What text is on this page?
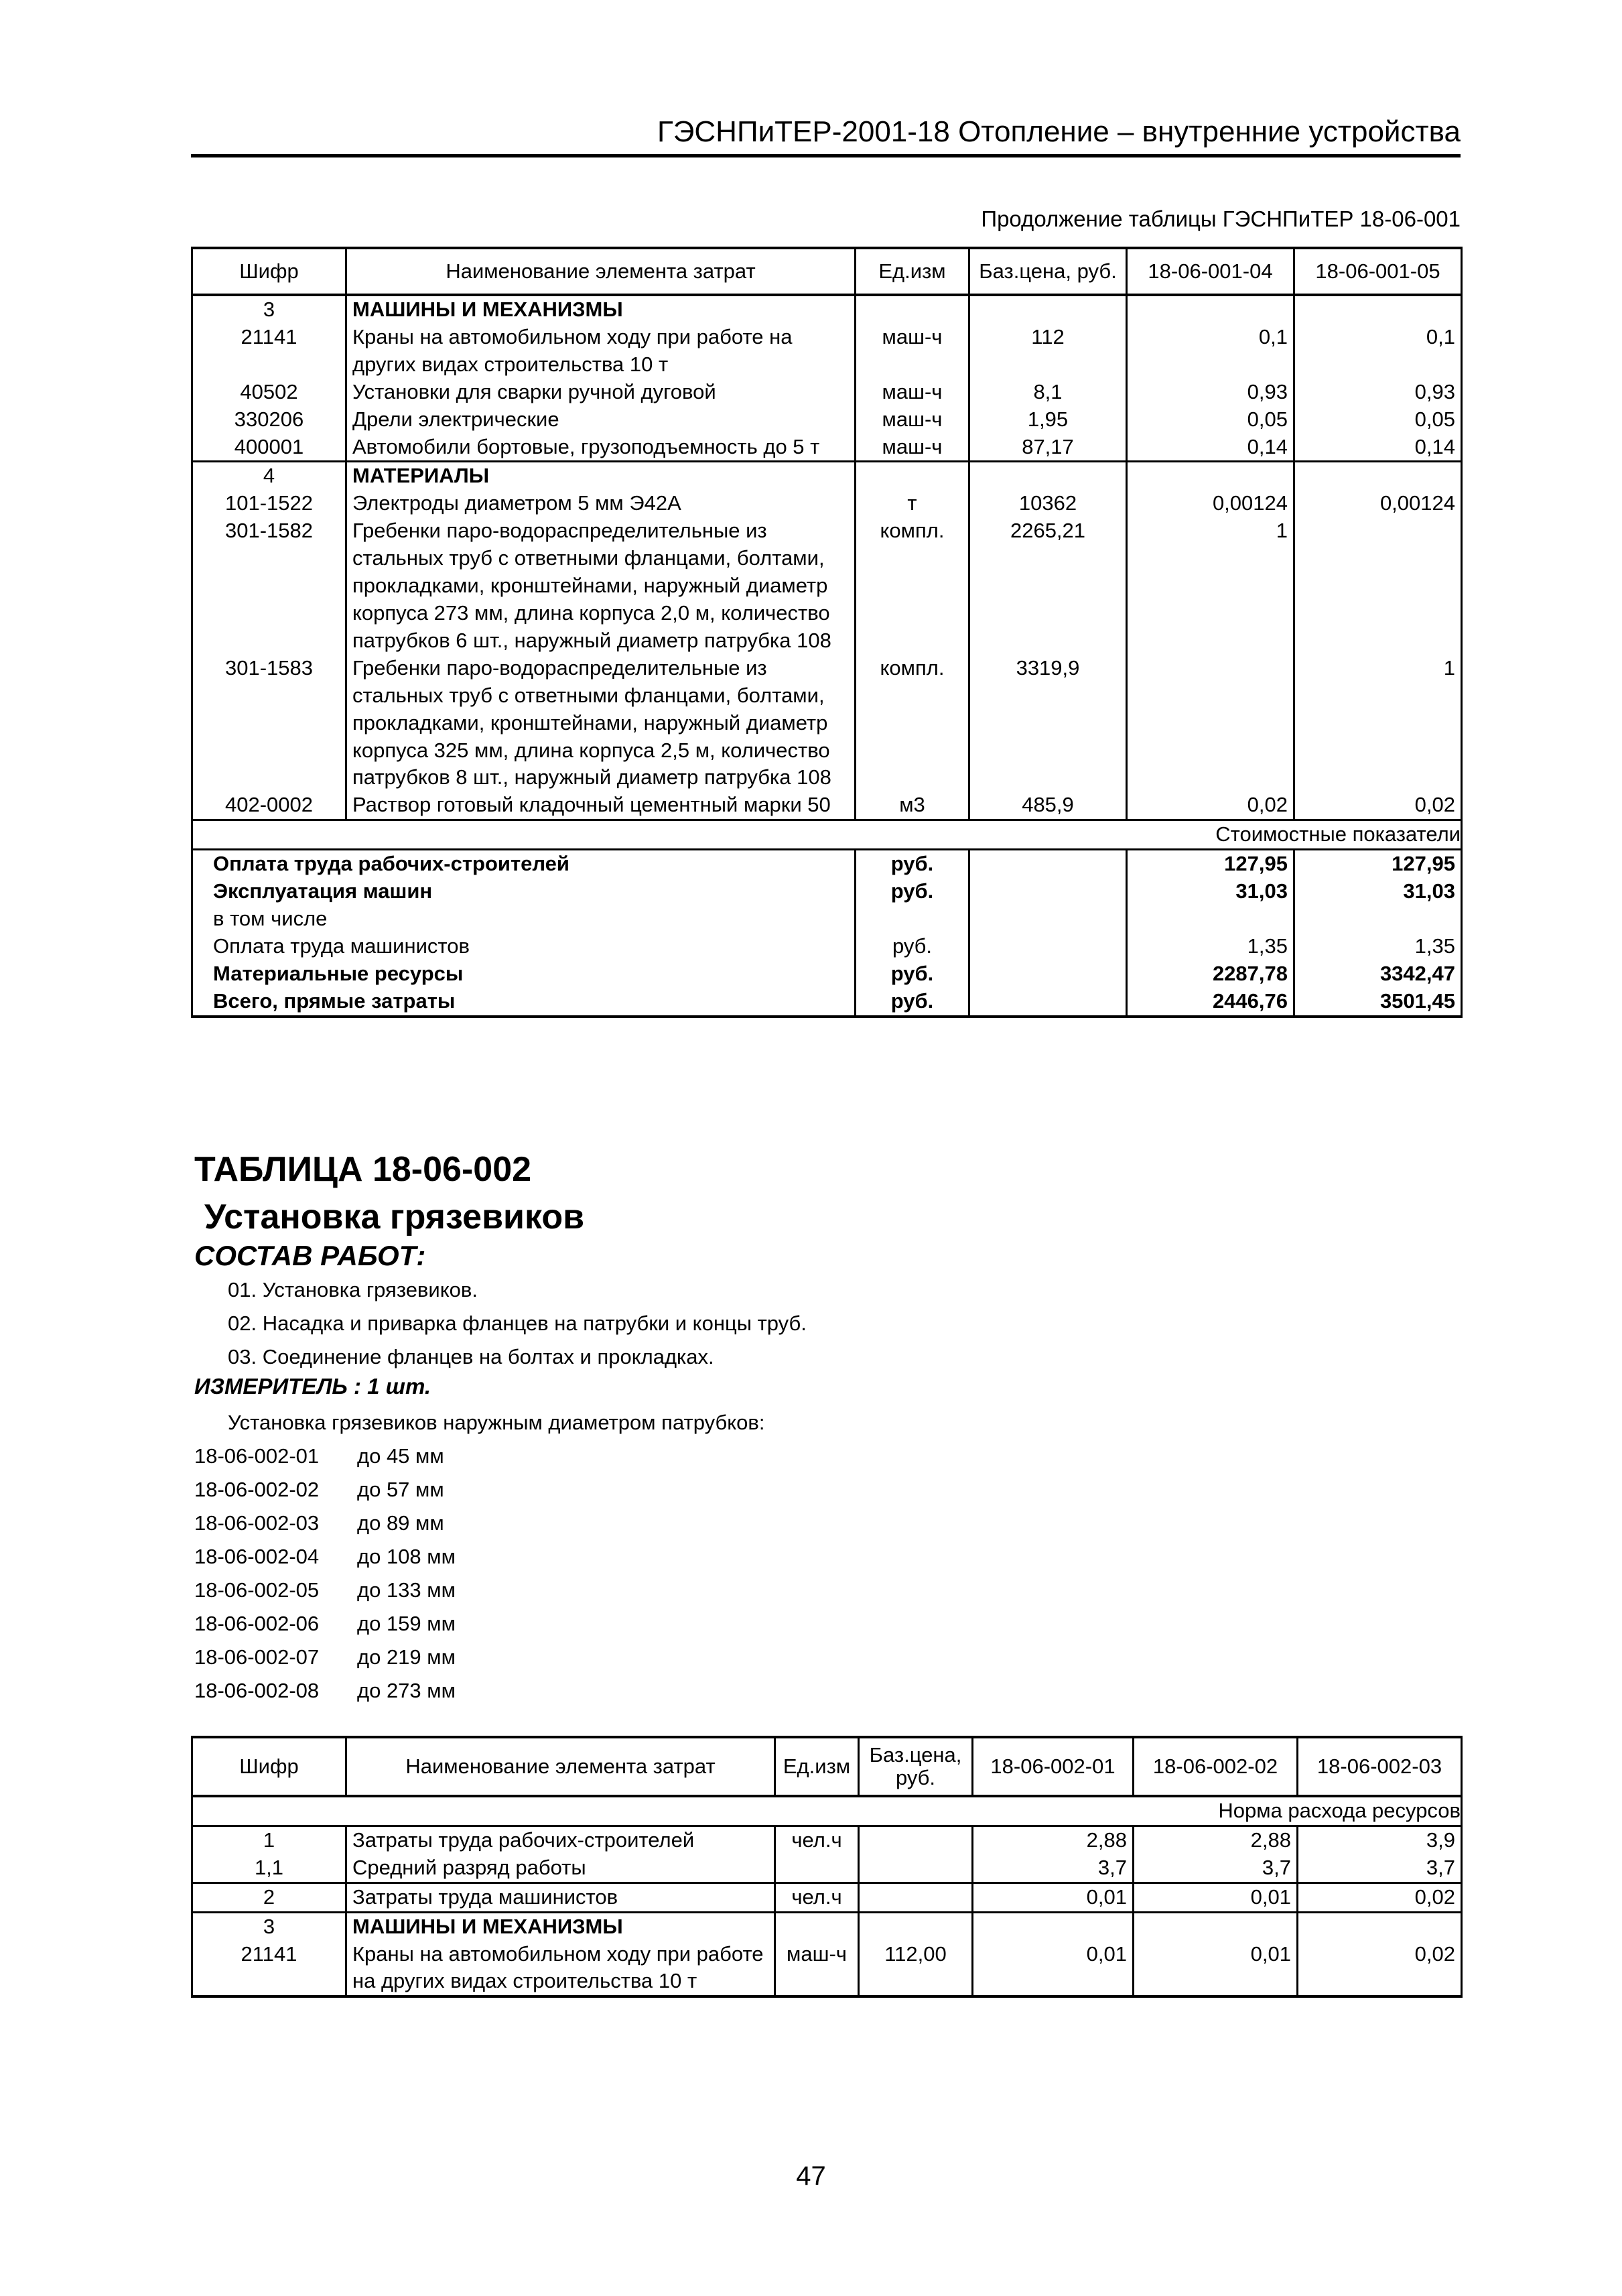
ГЭСНПиТЕР-2001-18 Отопление – внутренние устройства
Продолжение таблицы ГЭСНПиТЕР 18-06-001
Шифр	Наименование элемента затрат	Ед.изм	Баз.цена, руб.	18-06-001-04	18-06-001-05
3	МАШИНЫ И МЕХАНИЗМЫ				
21141	Краны на автомобильном ходу при работе на других видах строительства 10 т	маш-ч	112	0,1	0,1
40502	Установки для сварки ручной дуговой	маш-ч	8,1	0,93	0,93
330206	Дрели электрические	маш-ч	1,95	0,05	0,05
400001	Автомобили бортовые, грузоподъемность до 5 т	маш-ч	87,17	0,14	0,14
4	МАТЕРИАЛЫ				
101-1522	Электроды диаметром 5 мм Э42А	т	10362	0,00124	0,00124
301-1582	Гребенки паро-водораспределительные из стальных труб с ответными фланцами, болтами, прокладками, кронштейнами, наружный диаметр корпуса 273 мм, длина корпуса 2,0 м, количество патрубков 6 шт., наружный диаметр патрубка 108	компл.	2265,21	1	
301-1583	Гребенки паро-водораспределительные из стальных труб с ответными фланцами, болтами, прокладками, кронштейнами, наружный диаметр корпуса 325 мм, длина корпуса 2,5 м, количество патрубков 8 шт., наружный диаметр патрубка 108	компл.	3319,9		1
402-0002	Раствор готовый кладочный цементный марки 50	м3	485,9	0,02	0,02
Стоимостные показатели					
Оплата труда рабочих-строителей		руб.		127,95	127,95
Эксплуатация машин		руб.		31,03	31,03
в том числе					
Оплата труда машинистов		руб.		1,35	1,35
Материальные ресурсы		руб.		2287,78	3342,47
Всего, прямые затраты		руб.		2446,76	3501,45
ТАБЛИЦА 18-06-002
Установка грязевиков
СОСТАВ РАБОТ:
01. Установка грязевиков.
02. Насадка и приварка фланцев на патрубки и концы труб.
03. Соединение фланцев на болтах и прокладках.
ИЗМЕРИТЕЛЬ : 1 шт.
Установка грязевиков наружным диаметром патрубков:
18-06-002-01 до 45 мм
18-06-002-02 до 57 мм
18-06-002-03 до 89 мм
18-06-002-04 до 108 мм
18-06-002-05 до 133 мм
18-06-002-06 до 159 мм
18-06-002-07 до 219 мм
18-06-002-08 до 273 мм
Шифр	Наименование элемента затрат	Ед.изм	Баз.цена, руб.	18-06-002-01	18-06-002-02	18-06-002-03
Норма расхода ресурсов						
1	Затраты труда рабочих-строителей	чел.ч		2,88	2,88	3,9
1,1	Средний разряд работы			3,7	3,7	3,7
2	Затраты труда машинистов	чел.ч		0,01	0,01	0,02
3	МАШИНЫ И МЕХАНИЗМЫ					
21141	Краны на автомобильном ходу при работе на других видах строительства 10 т	маш-ч	112,00	0,01	0,01	0,02
47
